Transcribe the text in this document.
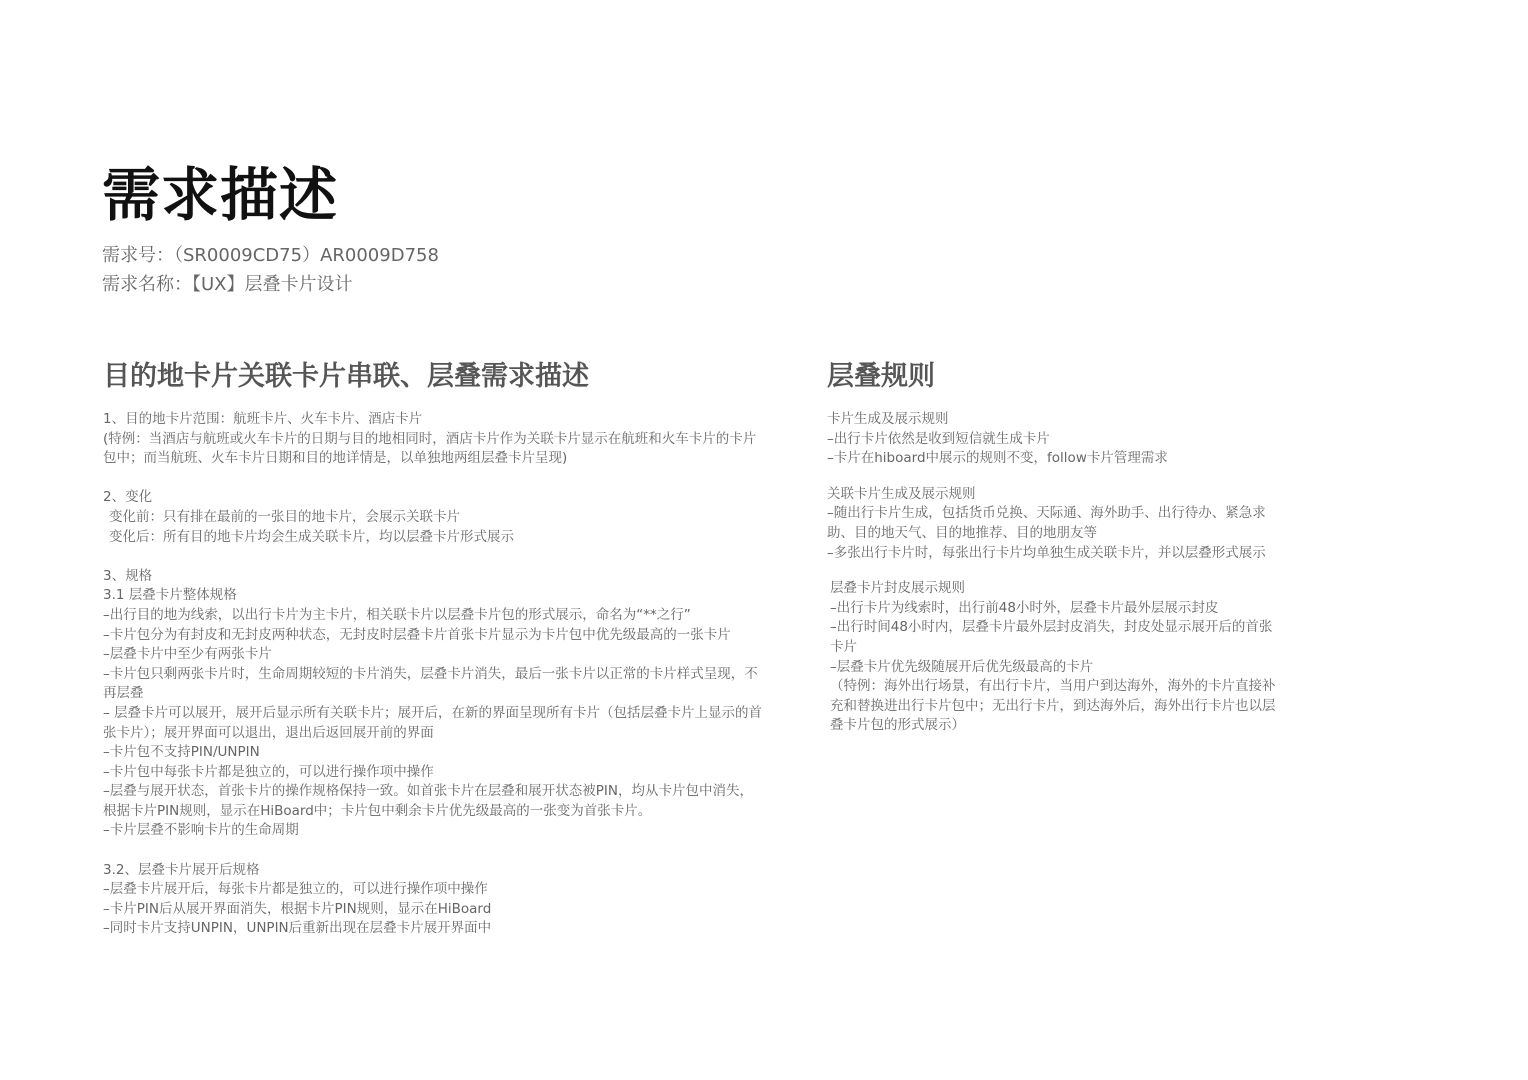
需求描述
需求号：（SR0009CD75）AR0009D758
需求名称：【UX】层叠卡片设计
目的地卡片关联卡片串联、层叠需求描述
1、目的地卡片范围：航班卡片、火车卡片、酒店卡片
(特例：当酒店与航班或火车卡片的日期与目的地相同时，酒店卡片作为关联卡片显示在航班和火车卡片的卡片包中；而当航班、火车卡片日期和目的地详情是，以单独地两组层叠卡片呈现)
2、变化
变化前：只有排在最前的一张目的地卡片，会展示关联卡片
变化后：所有目的地卡片均会生成关联卡片，均以层叠卡片形式展示
3、规格
3.1 层叠卡片整体规格
–出行目的地为线索，以出行卡片为主卡片，相关联卡片以层叠卡片包的形式展示，命名为“**之行”
–卡片包分为有封皮和无封皮两种状态，无封皮时层叠卡片首张卡片显示为卡片包中优先级最高的一张卡片
–层叠卡片中至少有两张卡片
–卡片包只剩两张卡片时，生命周期较短的卡片消失，层叠卡片消失，最后一张卡片以正常的卡片样式呈现，不再层叠
– 层叠卡片可以展开，展开后显示所有关联卡片；展开后，在新的界面呈现所有卡片（包括层叠卡片上显示的首张卡片）；展开界面可以退出，退出后返回展开前的界面
–卡片包不支持PIN/UNPIN
–卡片包中每张卡片都是独立的，可以进行操作项中操作
–层叠与展开状态，首张卡片的操作规格保持一致。如首张卡片在层叠和展开状态被PIN，均从卡片包中消失，根据卡片PIN规则，显示在HiBoard中；卡片包中剩余卡片优先级最高的一张变为首张卡片。
–卡片层叠不影响卡片的生命周期
3.2、层叠卡片展开后规格
–层叠卡片展开后，每张卡片都是独立的，可以进行操作项中操作
–卡片PIN后从展开界面消失，根据卡片PIN规则，显示在HiBoard
–同时卡片支持UNPIN，UNPIN后重新出现在层叠卡片展开界面中
层叠规则
卡片生成及展示规则
–出行卡片依然是收到短信就生成卡片
–卡片在hiboard中展示的规则不变，follow卡片管理需求
关联卡片生成及展示规则
–随出行卡片生成，包括货币兑换、天际通、海外助手、出行待办、紧急求助、目的地天气、目的地推荐、目的地朋友等
–多张出行卡片时，每张出行卡片均单独生成关联卡片，并以层叠形式展示
层叠卡片封皮展示规则
–出行卡片为线索时，出行前48小时外，层叠卡片最外层展示封皮
–出行时间48小时内，层叠卡片最外层封皮消失，封皮处显示展开后的首张卡片
–层叠卡片优先级随展开后优先级最高的卡片
（特例：海外出行场景，有出行卡片，当用户到达海外，海外的卡片直接补充和替换进出行卡片包中；无出行卡片，到达海外后，海外出行卡片也以层叠卡片包的形式展示）
